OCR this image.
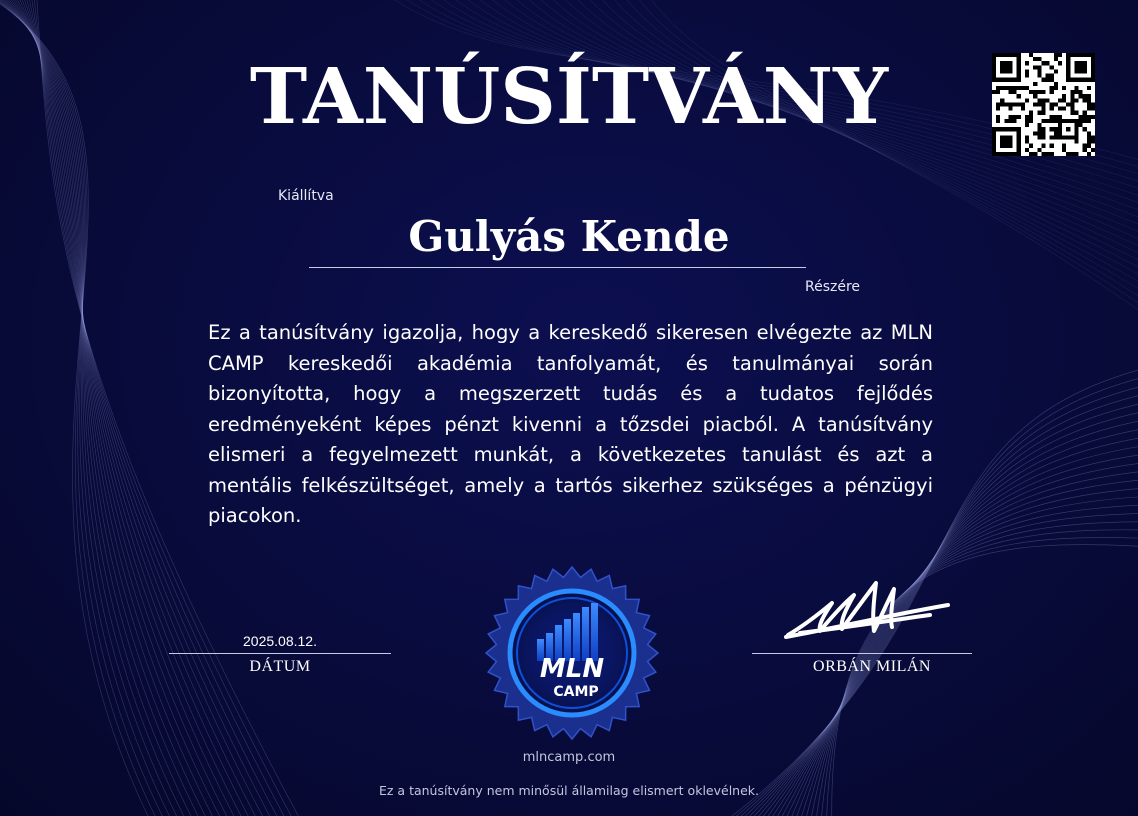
TANÚSÍTVÁNY
Kiállítva
Gulyás Kende
Részére
Ez a tanúsítvány igazolja, hogy a kereskedő sikeresen elvégezte az MLN CAMP kereskedői akadémia tanfolyamát, és tanulmányai során bizonyította, hogy a megszerzett tudás és a tudatos fejlődés eredményeként képes pénzt kivenni a tőzsdei piacból. A tanúsítvány elismeri a fegyelmezett munkát, a következetes tanulást és azt a mentális felkészültséget, amely a tartós sikerhez szükséges a pénzügyi piacokon.
2025.08.12.
DÁTUM	MLN
CAMP
ORBÁN MILÁN
mlncamp.com
Ez a tanúsítvány nem minősül államilag elismert oklevélnek.
